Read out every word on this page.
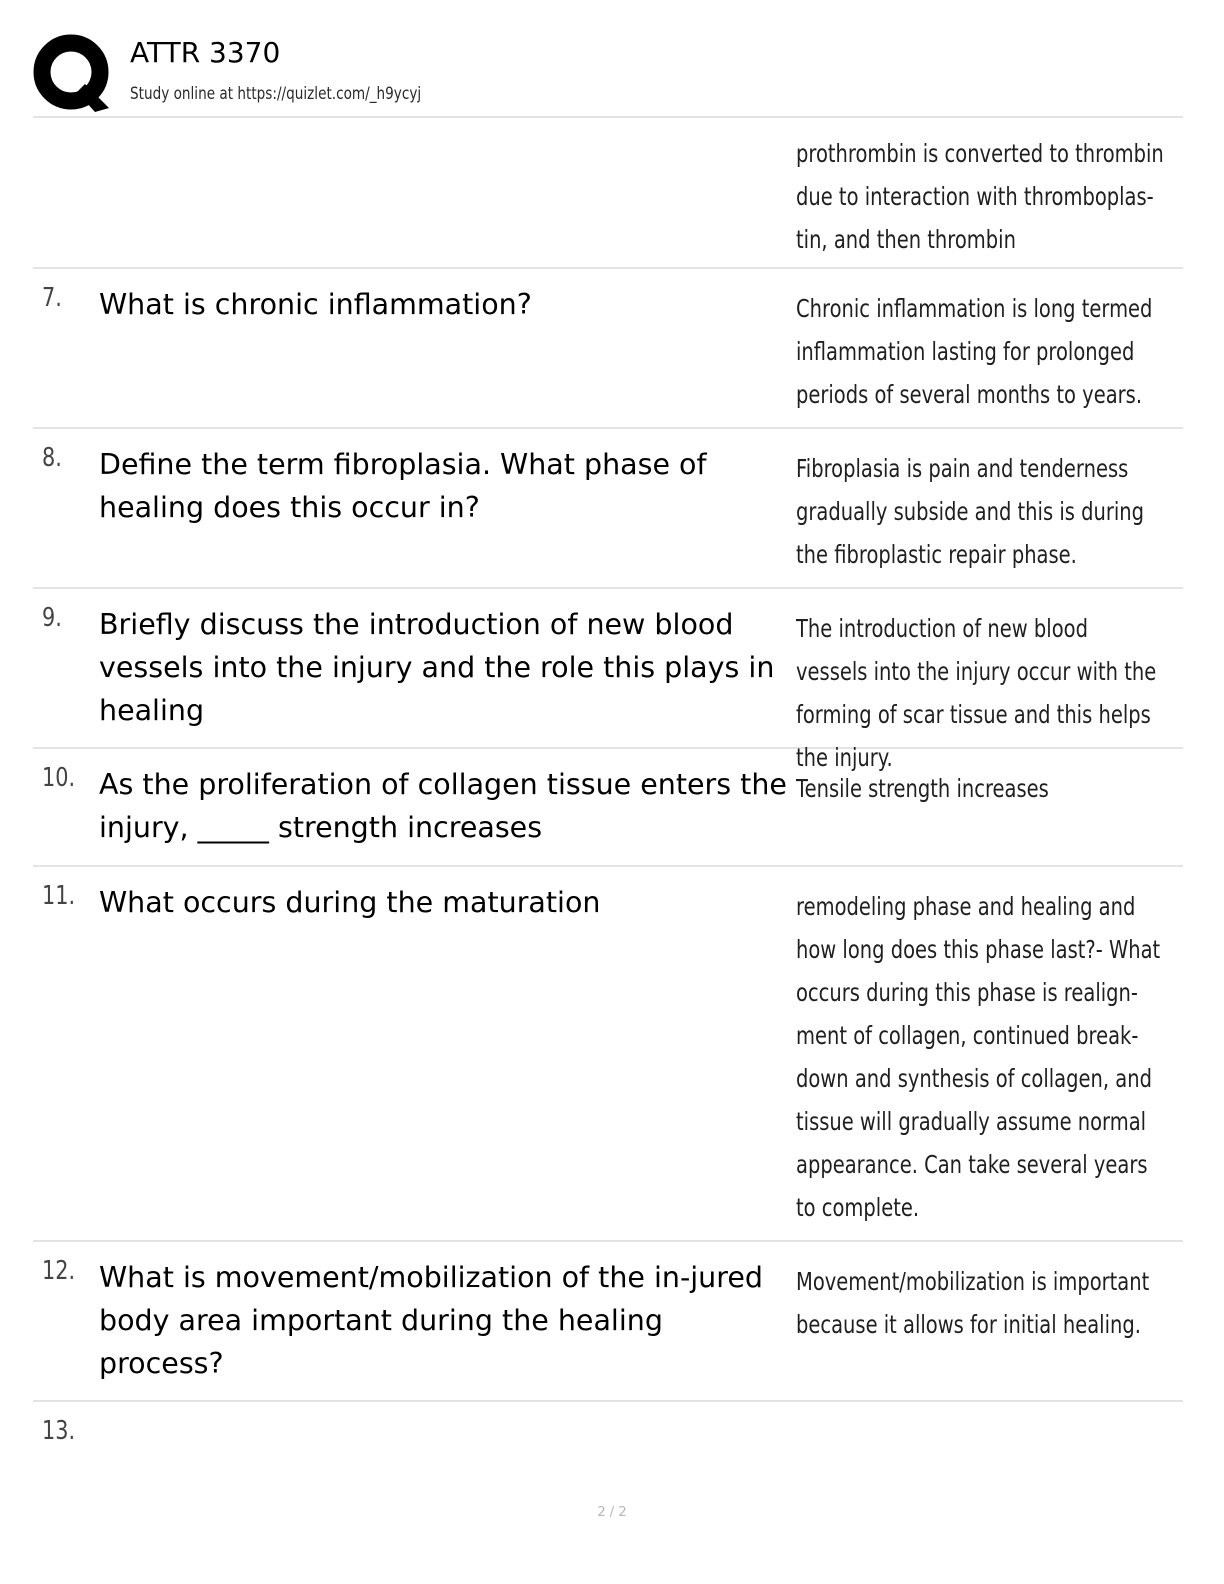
ATTR 3370
Study online at https://quizlet.com/_h9ycyj
prothrombin is converted to thrombin due to interaction with thromboplas-tin, and then thrombin
7. What is chronic inflammation?	Chronic inflammation is long termed inflammation lasting for prolonged periods of several months to years.
8. Define the term fibroplasia. What phase of healing does this occur in?
Fibroplasia is pain and tenderness gradually subside and this is during the fibroplastic repair phase.
9. Briefly discuss the introduction of new blood vessels into the injury and the role this plays in healing
The introduction of new blood vessels into the injury occur with the forming of scar tissue and this helps the injury.
10. As the proliferation of collagen tissue enters the injury, _____ strength increases
Tensile strength increases
11. What occurs during the maturation	remodeling phase and healing and how long does this phase last?- What occurs during this phase is realign-ment of collagen, continued break-down and synthesis of collagen, and tissue will gradually assume normal appearance. Can take several years to complete.
12. What is movement/mobilization of the in-jured body area important during the healing process?
Movement/mobilization is important because it allows for initial healing.
13.
2 / 2
